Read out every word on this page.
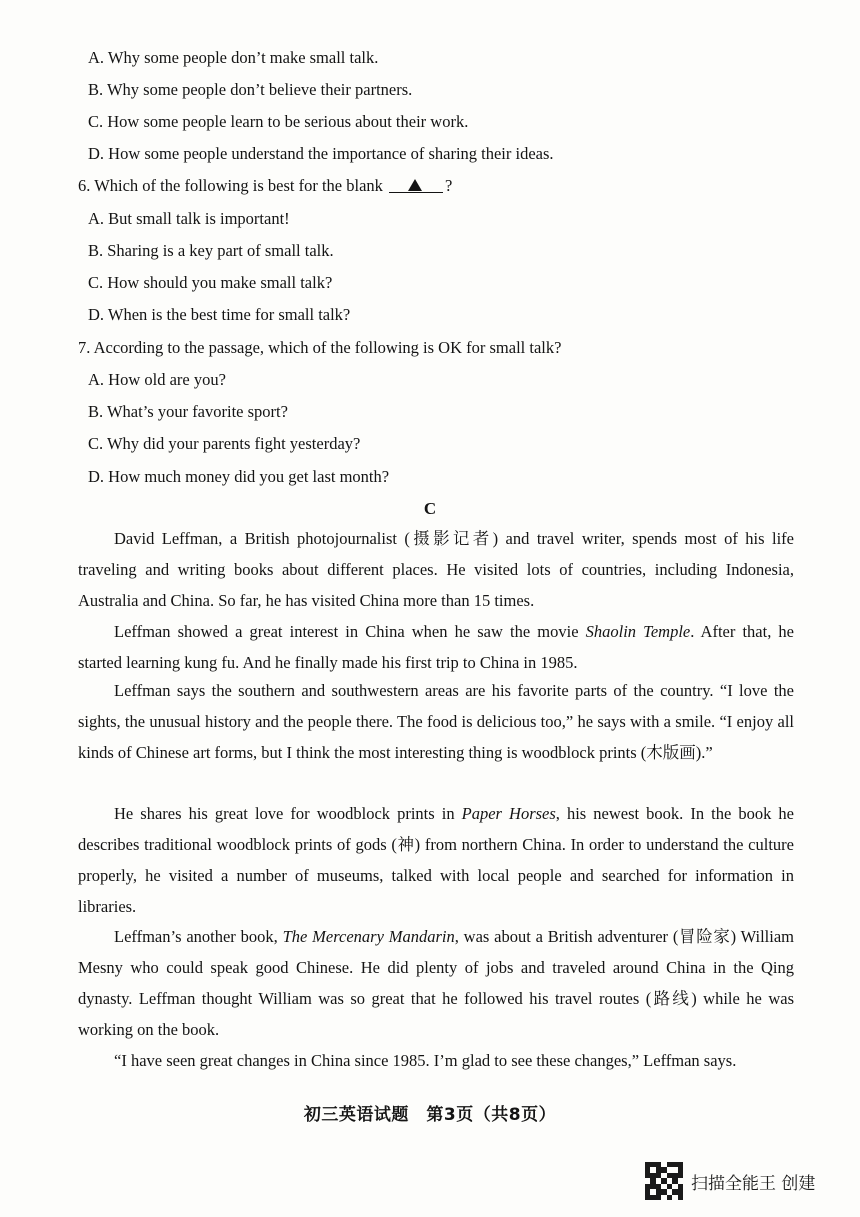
A. Why some people don’t make small talk.
B. Why some people don’t believe their partners.
C. How some people learn to be serious about their work.
D. How some people understand the importance of sharing their ideas.
6. Which of the following is best for the blank	?
A. But small talk is important!
B. Sharing is a key part of small talk.
C. How should you make small talk?
D. When is the best time for small talk?
7. According to the passage, which of the following is OK for small talk?
A. How old are you?
B. What’s your favorite sport?
C. Why did your parents fight yesterday?
D. How much money did you get last month?
C
David Leffman, a British photojournalist (摄影记者) and travel writer, spends most of his life traveling and writing books about different places. He visited lots of countries, including Indonesia, Australia and China. So far, he has visited China more than 15 times.
Leffman showed a great interest in China when he saw the movie Shaolin Temple. After that, he started learning kung fu. And he finally made his first trip to China in 1985.
Leffman says the southern and southwestern areas are his favorite parts of the country. “I love the sights, the unusual history and the people there. The food is delicious too,” he says with a smile. “I enjoy all kinds of Chinese art forms, but I think the most interesting thing is woodblock prints (木版画).”
He shares his great love for woodblock prints in Paper Horses, his newest book. In the book he describes traditional woodblock prints of gods (神) from northern China. In order to understand the culture properly, he visited a number of museums, talked with local people and searched for information in libraries.
Leffman’s another book, The Mercenary Mandarin, was about a British adventurer (冒险家) William Mesny who could speak good Chinese. He did plenty of jobs and traveled around China in the Qing dynasty. Leffman thought William was so great that he followed his travel routes (路线) while he was working on the book.
“I have seen great changes in China since 1985. I’m glad to see these changes,” Leffman says.
初三英语试题　第3页（共8页）
扫描全能王 创建
